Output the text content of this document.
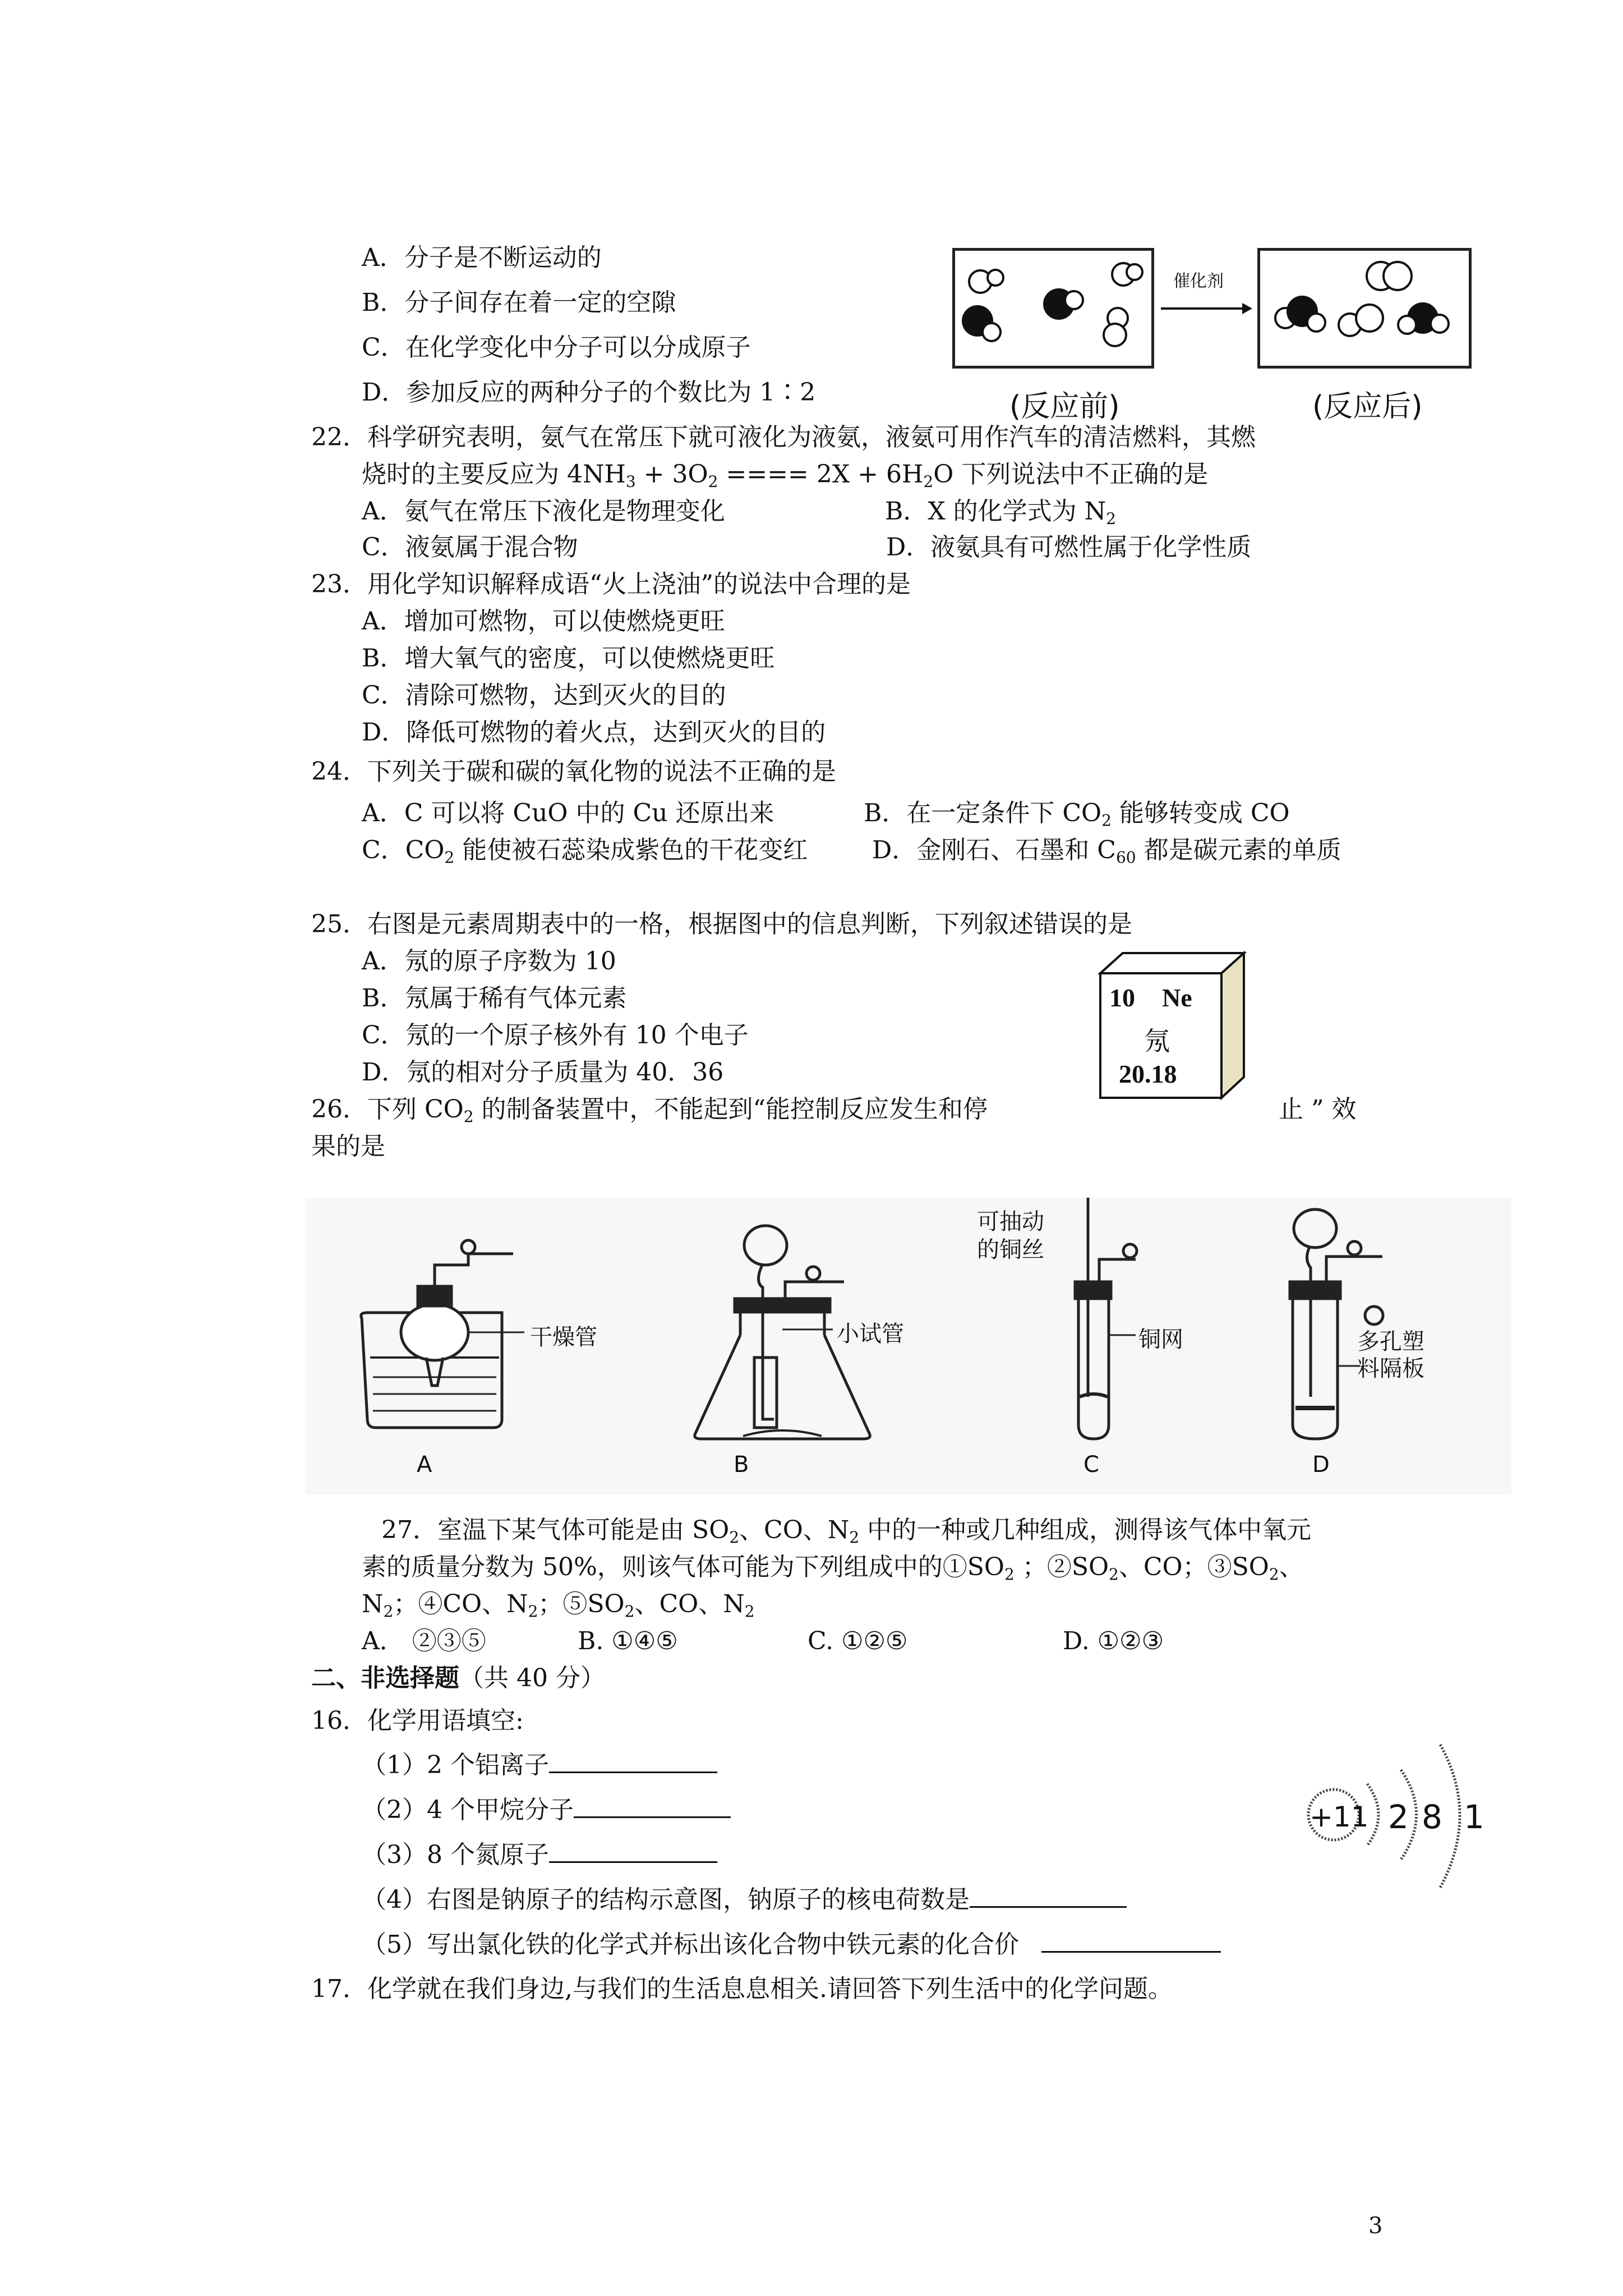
A．分子是不断运动的
B．分子间存在着一定的空隙
C．在化学变化中分子可以分成原子
D．参加反应的两种分子的个数比为 1∶2
催化剂
(反应前)	(反应后)
22．科学研究表明，氨气在常压下就可液化为液氨，液氨可用作汽车的清洁燃料，其燃
烧时的主要反应为 $4NH_3 + 3O_2$ ==== $2X + 6H_2O$ 下列说法中不正确的是
A．氨气在常压下液化是物理变化	B．X 的化学式为 $N_2$
C．液氨属于混合物	D．液氨具有可燃性属于化学性质
23．用化学知识解释成语“火上浇油”的说法中合理的是
A．增加可燃物，可以使燃烧更旺
B．增大氧气的密度，可以使燃烧更旺
C．清除可燃物，达到灭火的目的
D．降低可燃物的着火点，达到灭火的目的
24．下列关于碳和碳的氧化物的说法不正确的是
A．C 可以将 CuO 中的 Cu 还原出来	B．在一定条件下 $CO_2$ 能够转变成 CO
C．$CO_2$ 能使被石蕊染成紫色的干花变红	D．金刚石、石墨和 $C_{60}$ 都是碳元素的单质
25．右图是元素周期表中的一格，根据图中的信息判断，下列叙述错误的是
A．氖的原子序数为 10
B．氖属于稀有气体元素
C．氖的一个原子核外有 10 个电子
D．氖的相对分子质量为 40．36
10 Ne
氖
20.18
26．下列 $CO_2$ 的制备装置中，不能起到“能控制反应发生和停	止 ” 效
果的是
干燥管	小试管
可抽动
的铜丝
铜网	多孔塑
料隔板
A	B	C	D
27．室温下某气体可能是由 $SO_2$、CO、$N_2$ 中的一种或几种组成，测得该气体中氧元
素的质量分数为 50%，则该气体可能为下列组成中的$①SO_2$ ；$②SO_2$、CO；$③SO_2$、
$N_2$；④CO、$N_2$；$⑤SO_2$、CO、$N_2$
A． ②③⑤	B. ①④⑤	C. ①②⑤	D. ①②③
二、非选择题（共 40 分）
16．化学用语填空:
（1）2 个铝离子
（2）4 个甲烷分子
（3）8 个氮原子
（4）右图是钠原子的结构示意图，钠原子的核电荷数是
（5）写出氯化铁的化学式并标出该化合物中铁元素的化合价
+11 2 8 1
17．化学就在我们身边,与我们的生活息息相关.请回答下列生活中的化学问题。
3
